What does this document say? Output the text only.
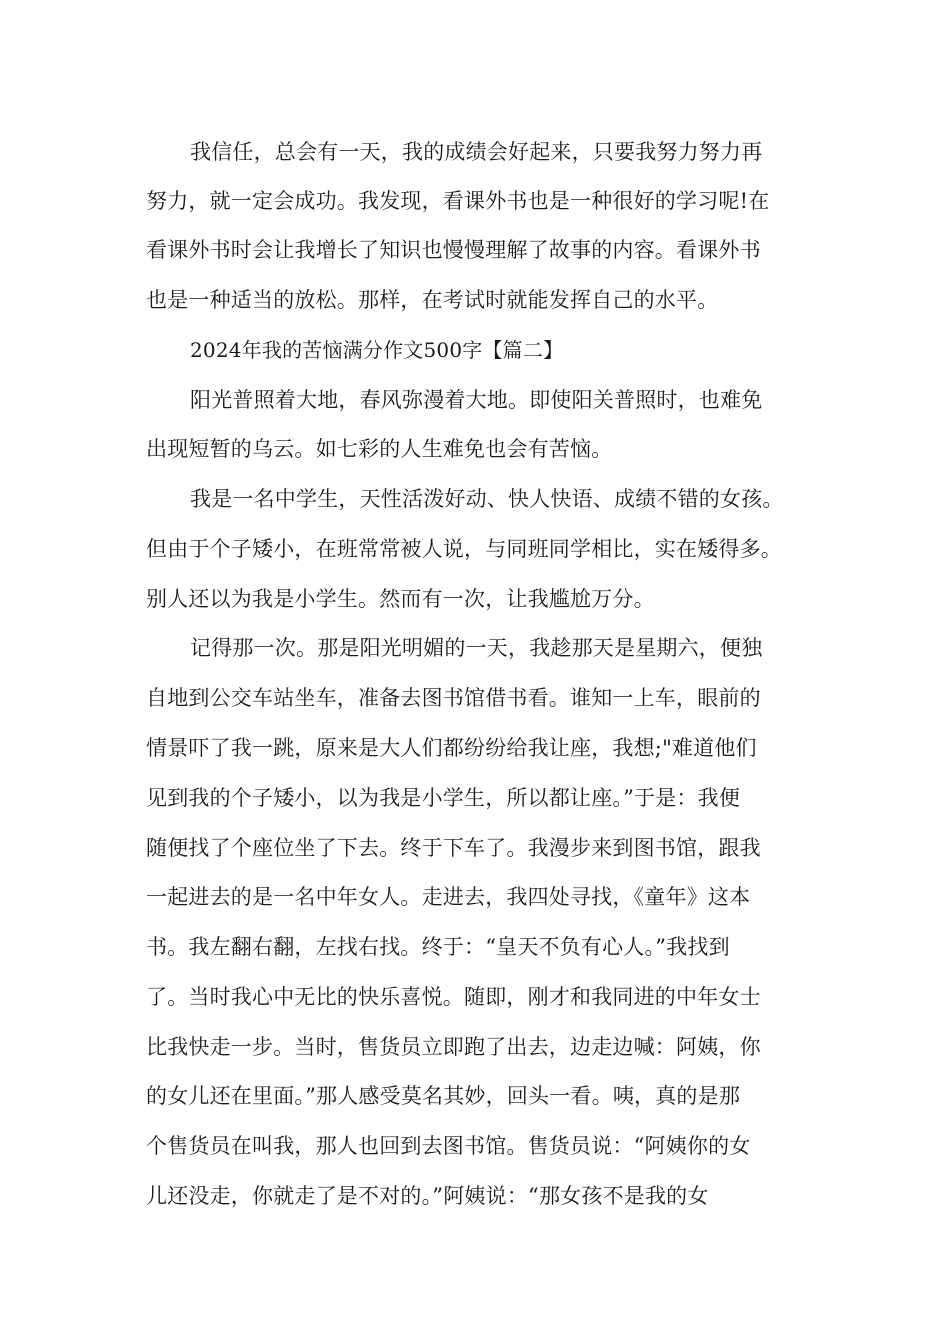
我信任，总会有一天，我的成绩会好起来，只要我努力努力再
努力，就一定会成功。我发现，看课外书也是一种很好的学习呢!在
看课外书时会让我增长了知识也慢慢理解了故事的内容。看课外书
也是一种适当的放松。那样，在考试时就能发挥自己的水平。
2024年我的苦恼满分作文500字【篇二】
阳光普照着大地，春风弥漫着大地。即使阳关普照时，也难免
出现短暂的乌云。如七彩的人生难免也会有苦恼。
我是一名中学生，天性活泼好动、快人快语、成绩不错的女孩。
但由于个子矮小，在班常常被人说，与同班同学相比，实在矮得多。
别人还以为我是小学生。然而有一次，让我尴尬万分。
记得那一次。那是阳光明媚的一天，我趁那天是星期六，便独
自地到公交车站坐车，准备去图书馆借书看。谁知一上车，眼前的
情景吓了我一跳，原来是大人们都纷纷给我让座，我想;"难道他们
见到我的个子矮小，以为我是小学生，所以都让座。”于是：我便
随便找了个座位坐了下去。终于下车了。我漫步来到图书馆，跟我
一起进去的是一名中年女人。走进去，我四处寻找，《童年》这本
书。我左翻右翻，左找右找。终于：“皇天不负有心人。”我找到
了。当时我心中无比的快乐喜悦。随即，刚才和我同进的中年女士
比我快走一步。当时，售货员立即跑了出去，边走边喊：阿姨，你
的女儿还在里面。”那人感受莫名其妙，回头一看。咦，真的是那
个售货员在叫我，那人也回到去图书馆。售货员说：“阿姨你的女
儿还没走，你就走了是不对的。”阿姨说：“那女孩不是我的女
